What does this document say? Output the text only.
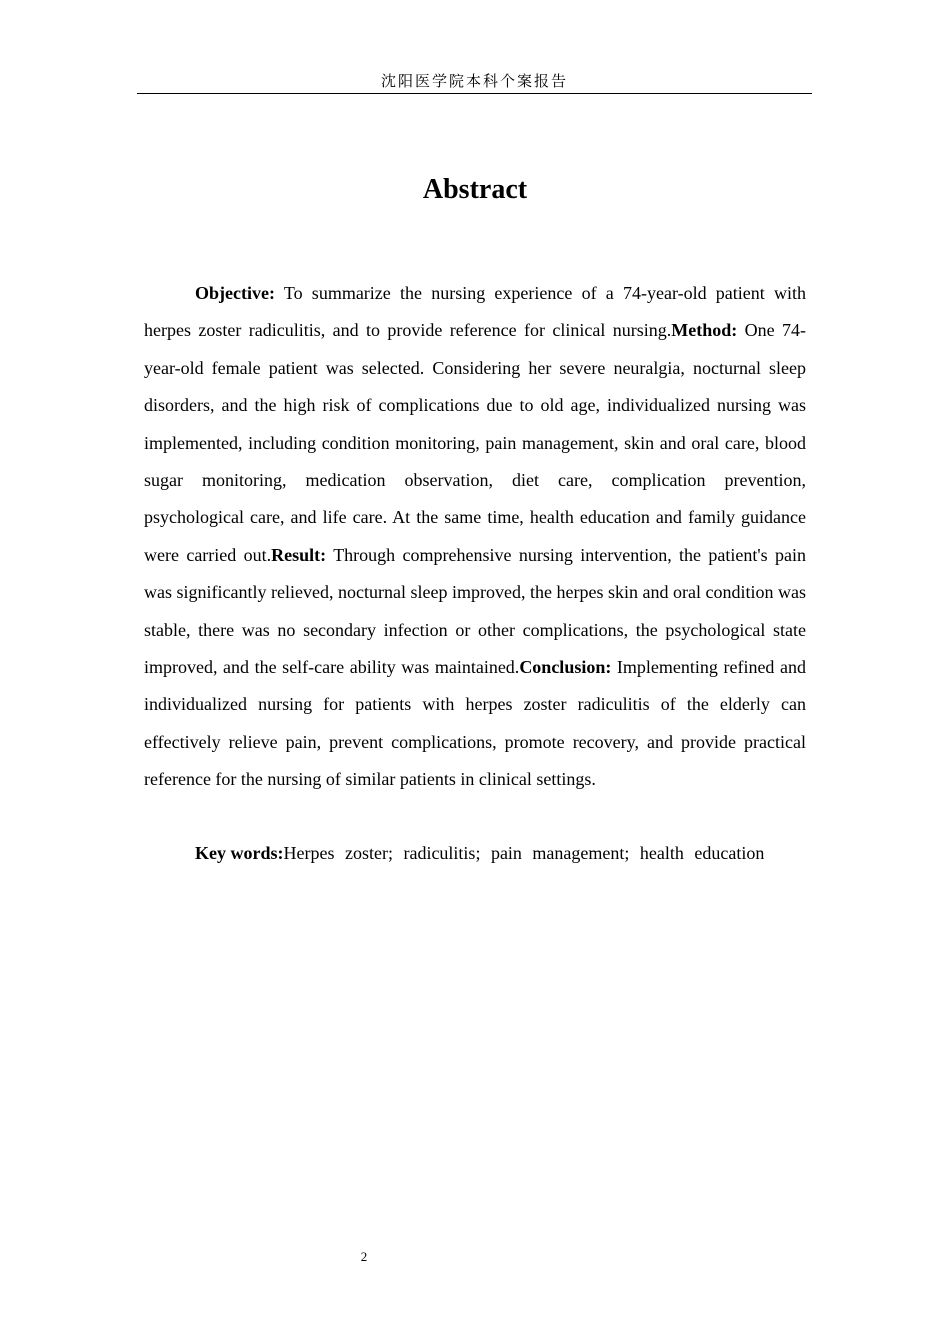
沈阳医学院本科个案报告
Abstract

Objective: To summarize the nursing experience of a 74-year-old patient with herpes zoster radiculitis, and to provide reference for clinical nursing.Method: One 74-year-old female patient was selected. Considering her severe neuralgia, nocturnal sleep disorders, and the high risk of complications due to old age, individualized nursing was implemented, including condition monitoring, pain management, skin and oral care, blood sugar monitoring, medication observation, diet care, complication prevention, psychological care, and life care. At the same time, health education and family guidance were carried out.Result: Through comprehensive nursing intervention, the patient's pain was significantly relieved, nocturnal sleep improved, the herpes skin and oral condition was stable, there was no secondary infection or other complications, the psychological state improved, and the self-care ability was maintained.Conclusion: Implementing refined and individualized nursing for patients with herpes zoster radiculitis of the elderly can effectively relieve pain, prevent complications, promote recovery, and provide practical reference for the nursing of similar patients in clinical settings.

Key words:Herpes zoster; radiculitis; pain management; health education

2
